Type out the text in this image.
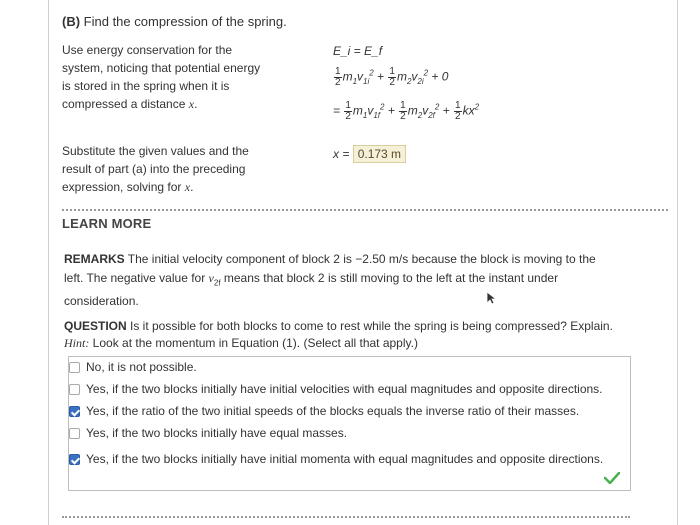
(B) Find the compression of the spring.
Use energy conservation for the
system, noticing that potential energy
is stored in the spring when it is
compressed a distance x.
E_i = E_f
$\frac{1}{2} m_1v_{1i}^2 + \frac{1}{2} m_2v_{2i}^2 + 0$
= $\frac{1}{2} m_1v_{1f}^2 + \frac{1}{2} m_2v_{2f}^2 + \frac{1}{2} kx^2$
Substitute the given values and the
result of part (a) into the preceding
expression, solving for x.
x = 0.173 m
LEARN MORE
REMARKS The initial velocity component of block 2 is −2.50 m/s because the block is moving to the
left. The negative value for $v_{2f}$ means that block 2 is still moving to the left at the instant under
consideration.
QUESTION Is it possible for both blocks to come to rest while the spring is being compressed? Explain.
Hint: Look at the momentum in Equation (1). (Select all that apply.)
No, it is not possible.
Yes, if the two blocks initially have initial velocities with equal magnitudes and opposite directions.
Yes, if the ratio of the two initial speeds of the blocks equals the inverse ratio of their masses.
Yes, if the two blocks initially have equal masses.
Yes, if the two blocks initially have initial momenta with equal magnitudes and opposite directions.
